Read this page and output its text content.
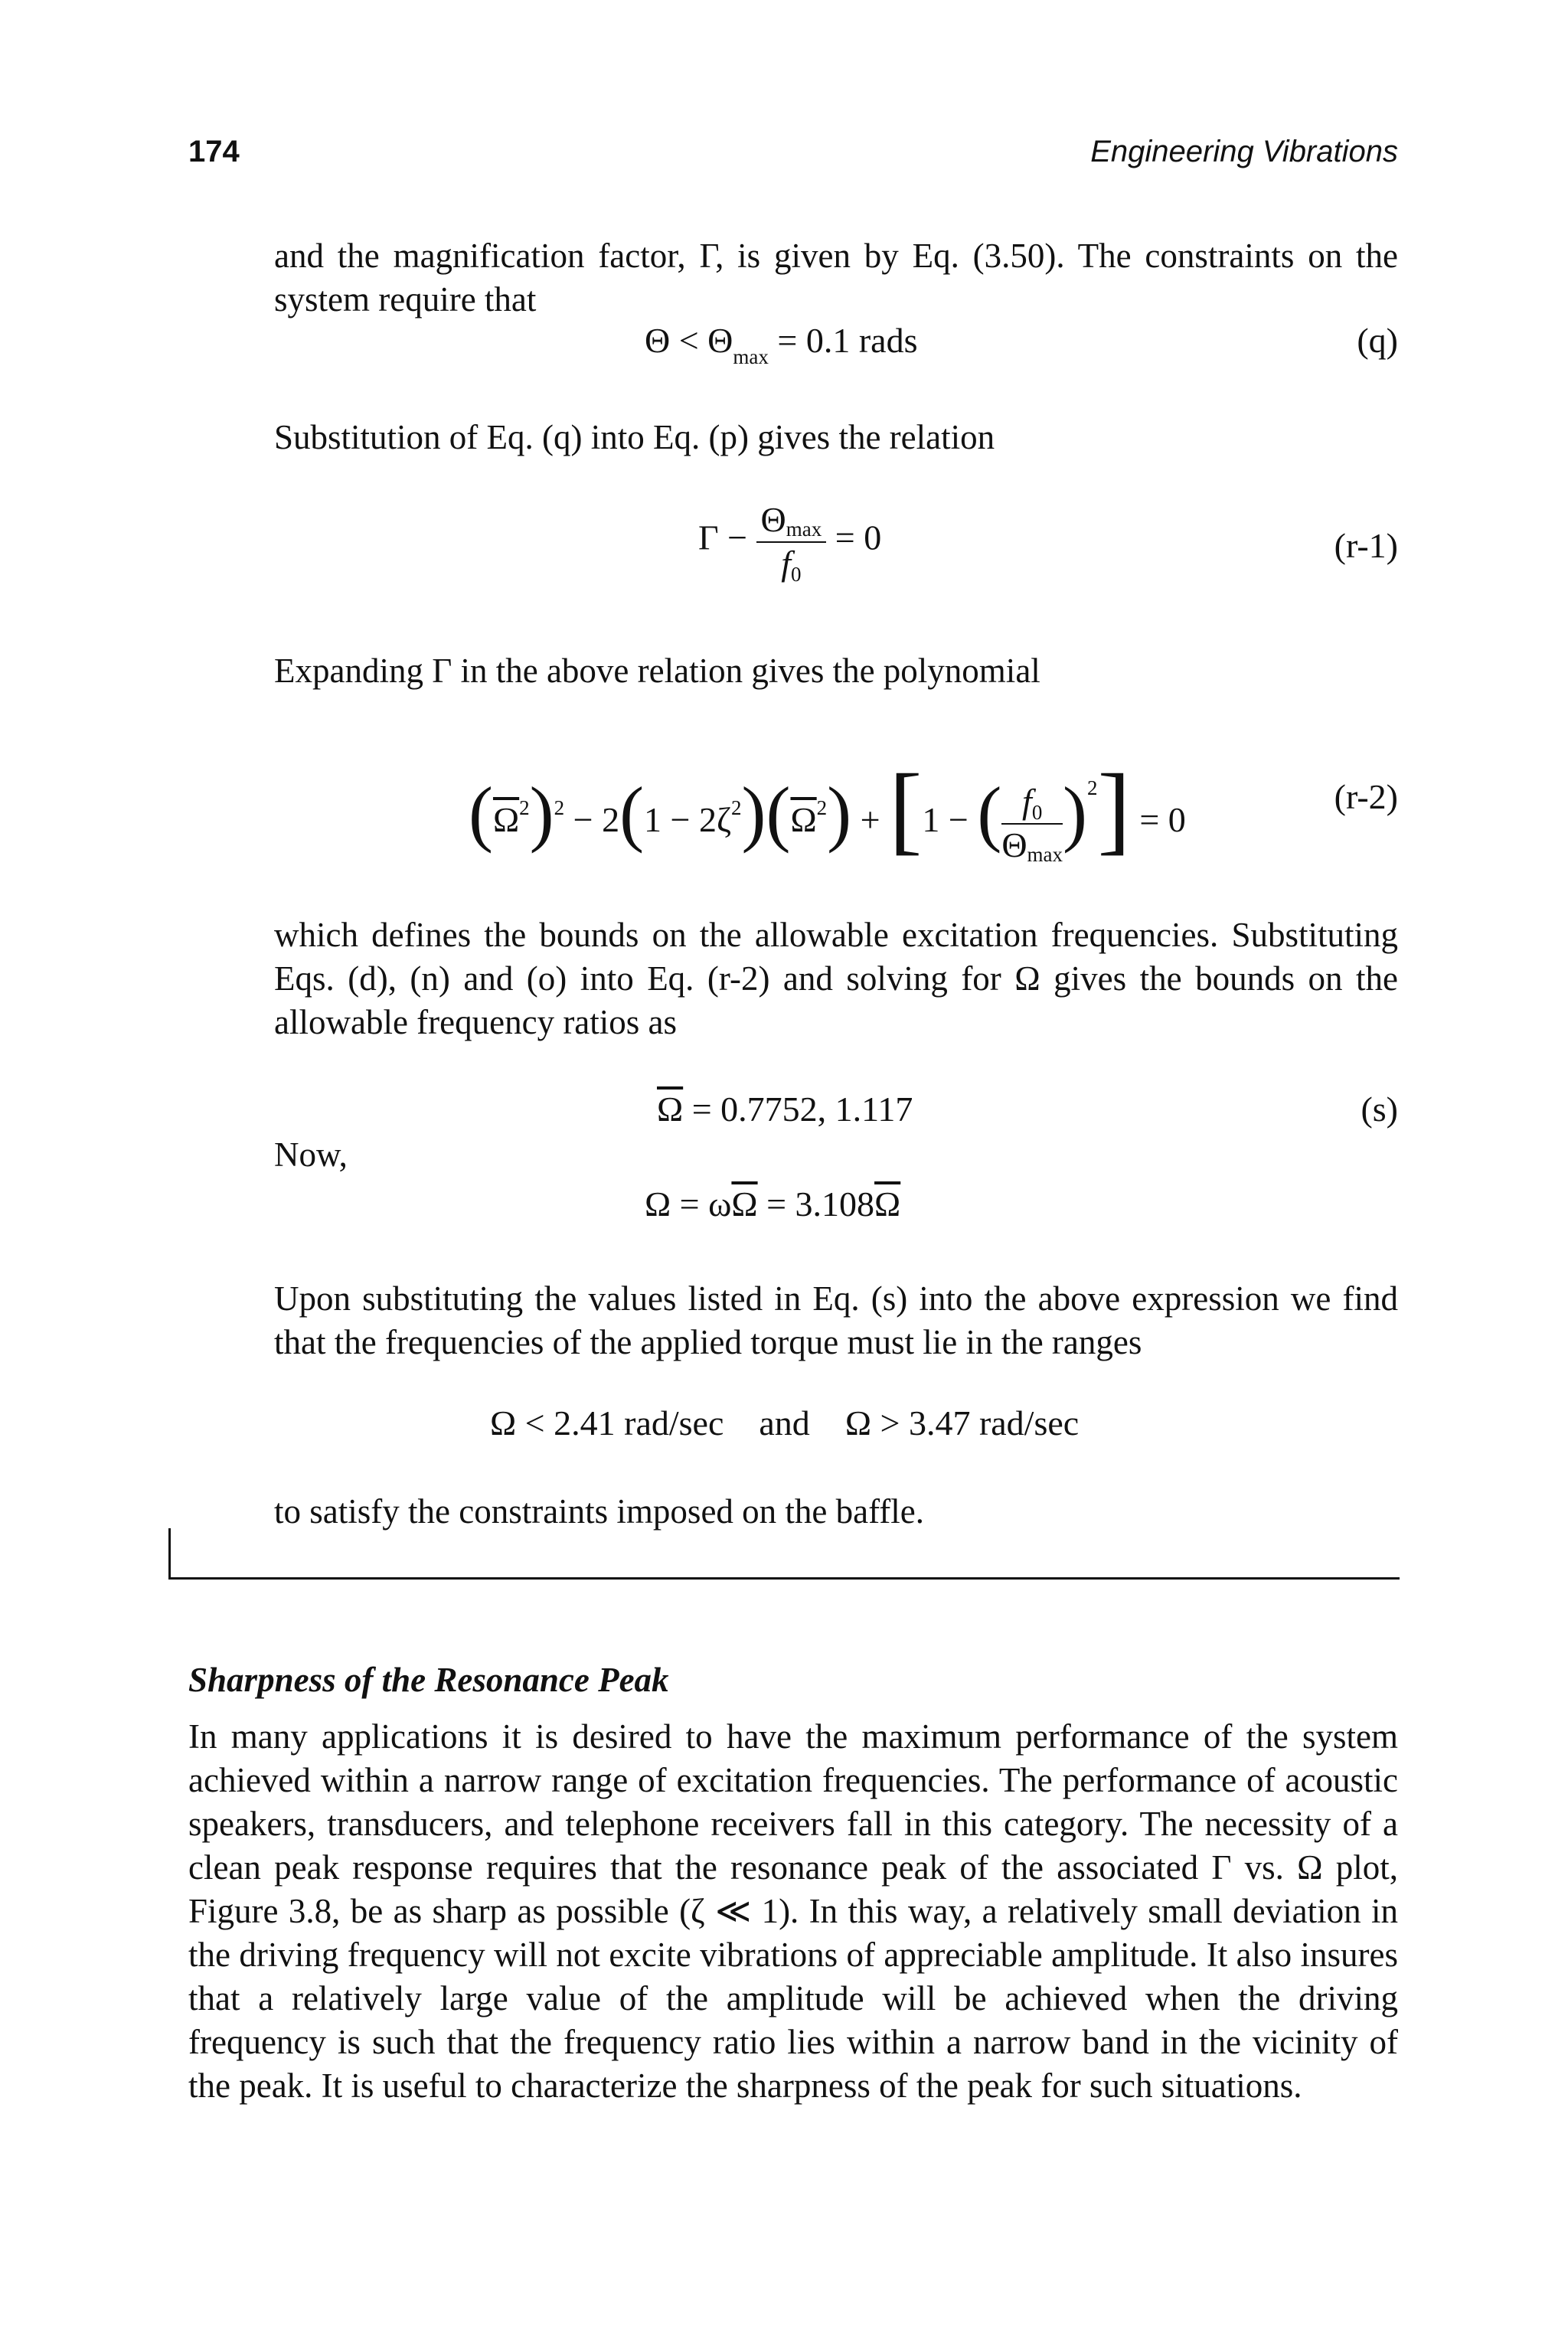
174	Engineering Vibrations

and the magnification factor, Γ, is given by Eq. (3.50). The constraints on the system require that

$\Theta < \Theta_{max} = 0.1$ rads	(q)

Substitution of Eq. (q) into Eq. (p) gives the relation

$\Gamma - \frac{\Theta\max}{f0} = 0$	(r-1)

Expanding Γ in the above relation gives the polynomial

$(\overline{\Omega}^2)^2 - 2(1 - 2\zeta^2)(\overline{\Omega}^2) + [1$ − ( $\frac{f0}{\Theta\max} )^2] = 0$
(r-2)

which defines the bounds on the allowable excitation frequencies. Substituting Eqs. (d), (n) and (o) into Eq. (r-2) and solving for Ω gives the bounds on the allowable frequency ratios as

$\overline{\Omega} = 0.7752$, 1.117	(s)

Now,

$\Omega = \omega\overline{\Omega} = 3.108\overline{\Omega}$

Upon substituting the values listed in Eq. (s) into the above expression we find that the frequencies of the applied torque must lie in the ranges

Ω < 2.41 rad/sec and Ω > 3.47 rad/sec

to satisfy the constraints imposed on the baffle.

Sharpness of the Resonance Peak

In many applications it is desired to have the maximum performance of the system achieved within a narrow range of excitation frequencies. The performance of acoustic speakers, transducers, and telephone receivers fall in this category. The necessity of a clean peak response requires that the resonance peak of the associated Γ vs. Ω plot, Figure 3.8, be as sharp as possible (ζ ≪ 1). In this way, a relatively small deviation in the driving frequency will not excite vibrations of appreciable amplitude. It also insures that a relatively large value of the amplitude will be achieved when the driving frequency is such that the frequency ratio lies within a narrow band in the vicinity of the peak. It is useful to characterize the sharpness of the peak for such situations.
